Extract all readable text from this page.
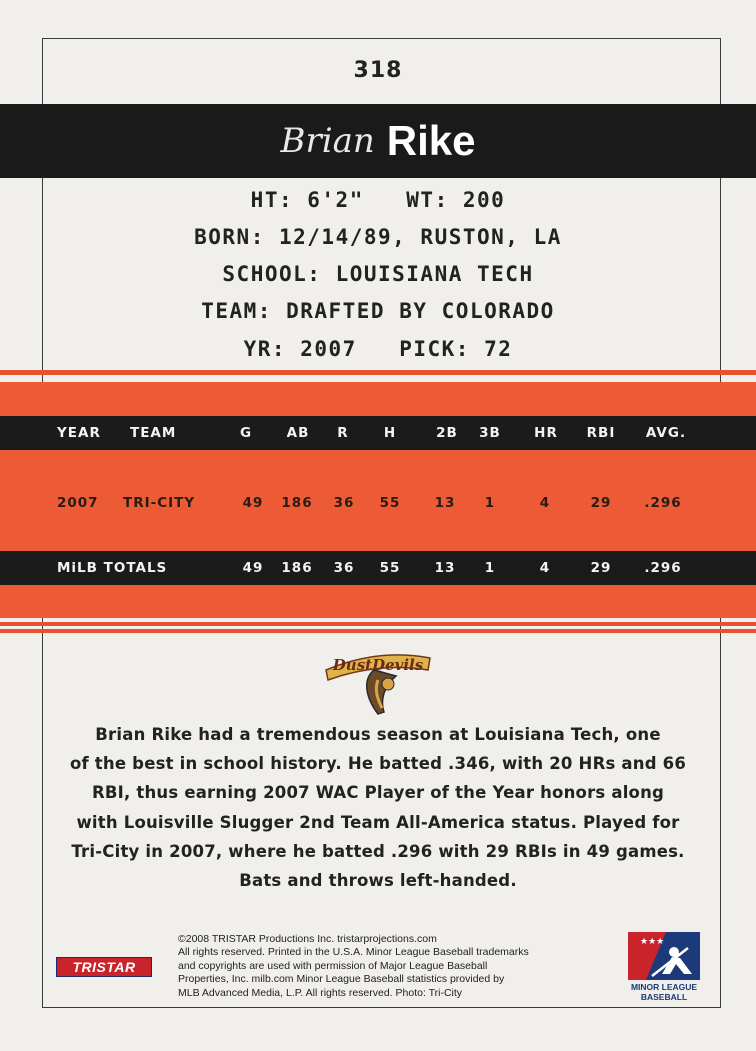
318
Brian Rike
HT: 6'2" WT: 200
BORN: 12/14/89, RUSTON, LA
SCHOOL: LOUISIANA TECH
TEAM: DRAFTED BY COLORADO
YR: 2007 PICK: 72
YEAR TEAM	G	AB R	H	2B 3B HR RBI AVG.
2007 TRI-CITY	49 186 36 55	13 1	4	29 .296
MiLB TOTALS	49 186 36 55	13 1	4	29 .296
DustDevils
Brian Rike had a tremendous season at Louisiana Tech, one
of the best in school history. He batted .346, with 20 HRs and 66
RBI, thus earning 2007 WAC Player of the Year honors along
with Louisville Slugger 2nd Team All-America status. Played for
Tri-City in 2007, where he batted .296 with 29 RBIs in 49 games.
Bats and throws left-handed.
TRISTAR
©2008 TRISTAR Productions Inc. tristarprojections.com
All rights reserved. Printed in the U.S.A. Minor League Baseball trademarks
and copyrights are used with permission of Major League Baseball
Properties, Inc. milb.com Minor League Baseball statistics provided by
MLB Advanced Media, L.P. All rights reserved. Photo: Tri-City
★★★
MINOR LEAGUE
BASEBALL
